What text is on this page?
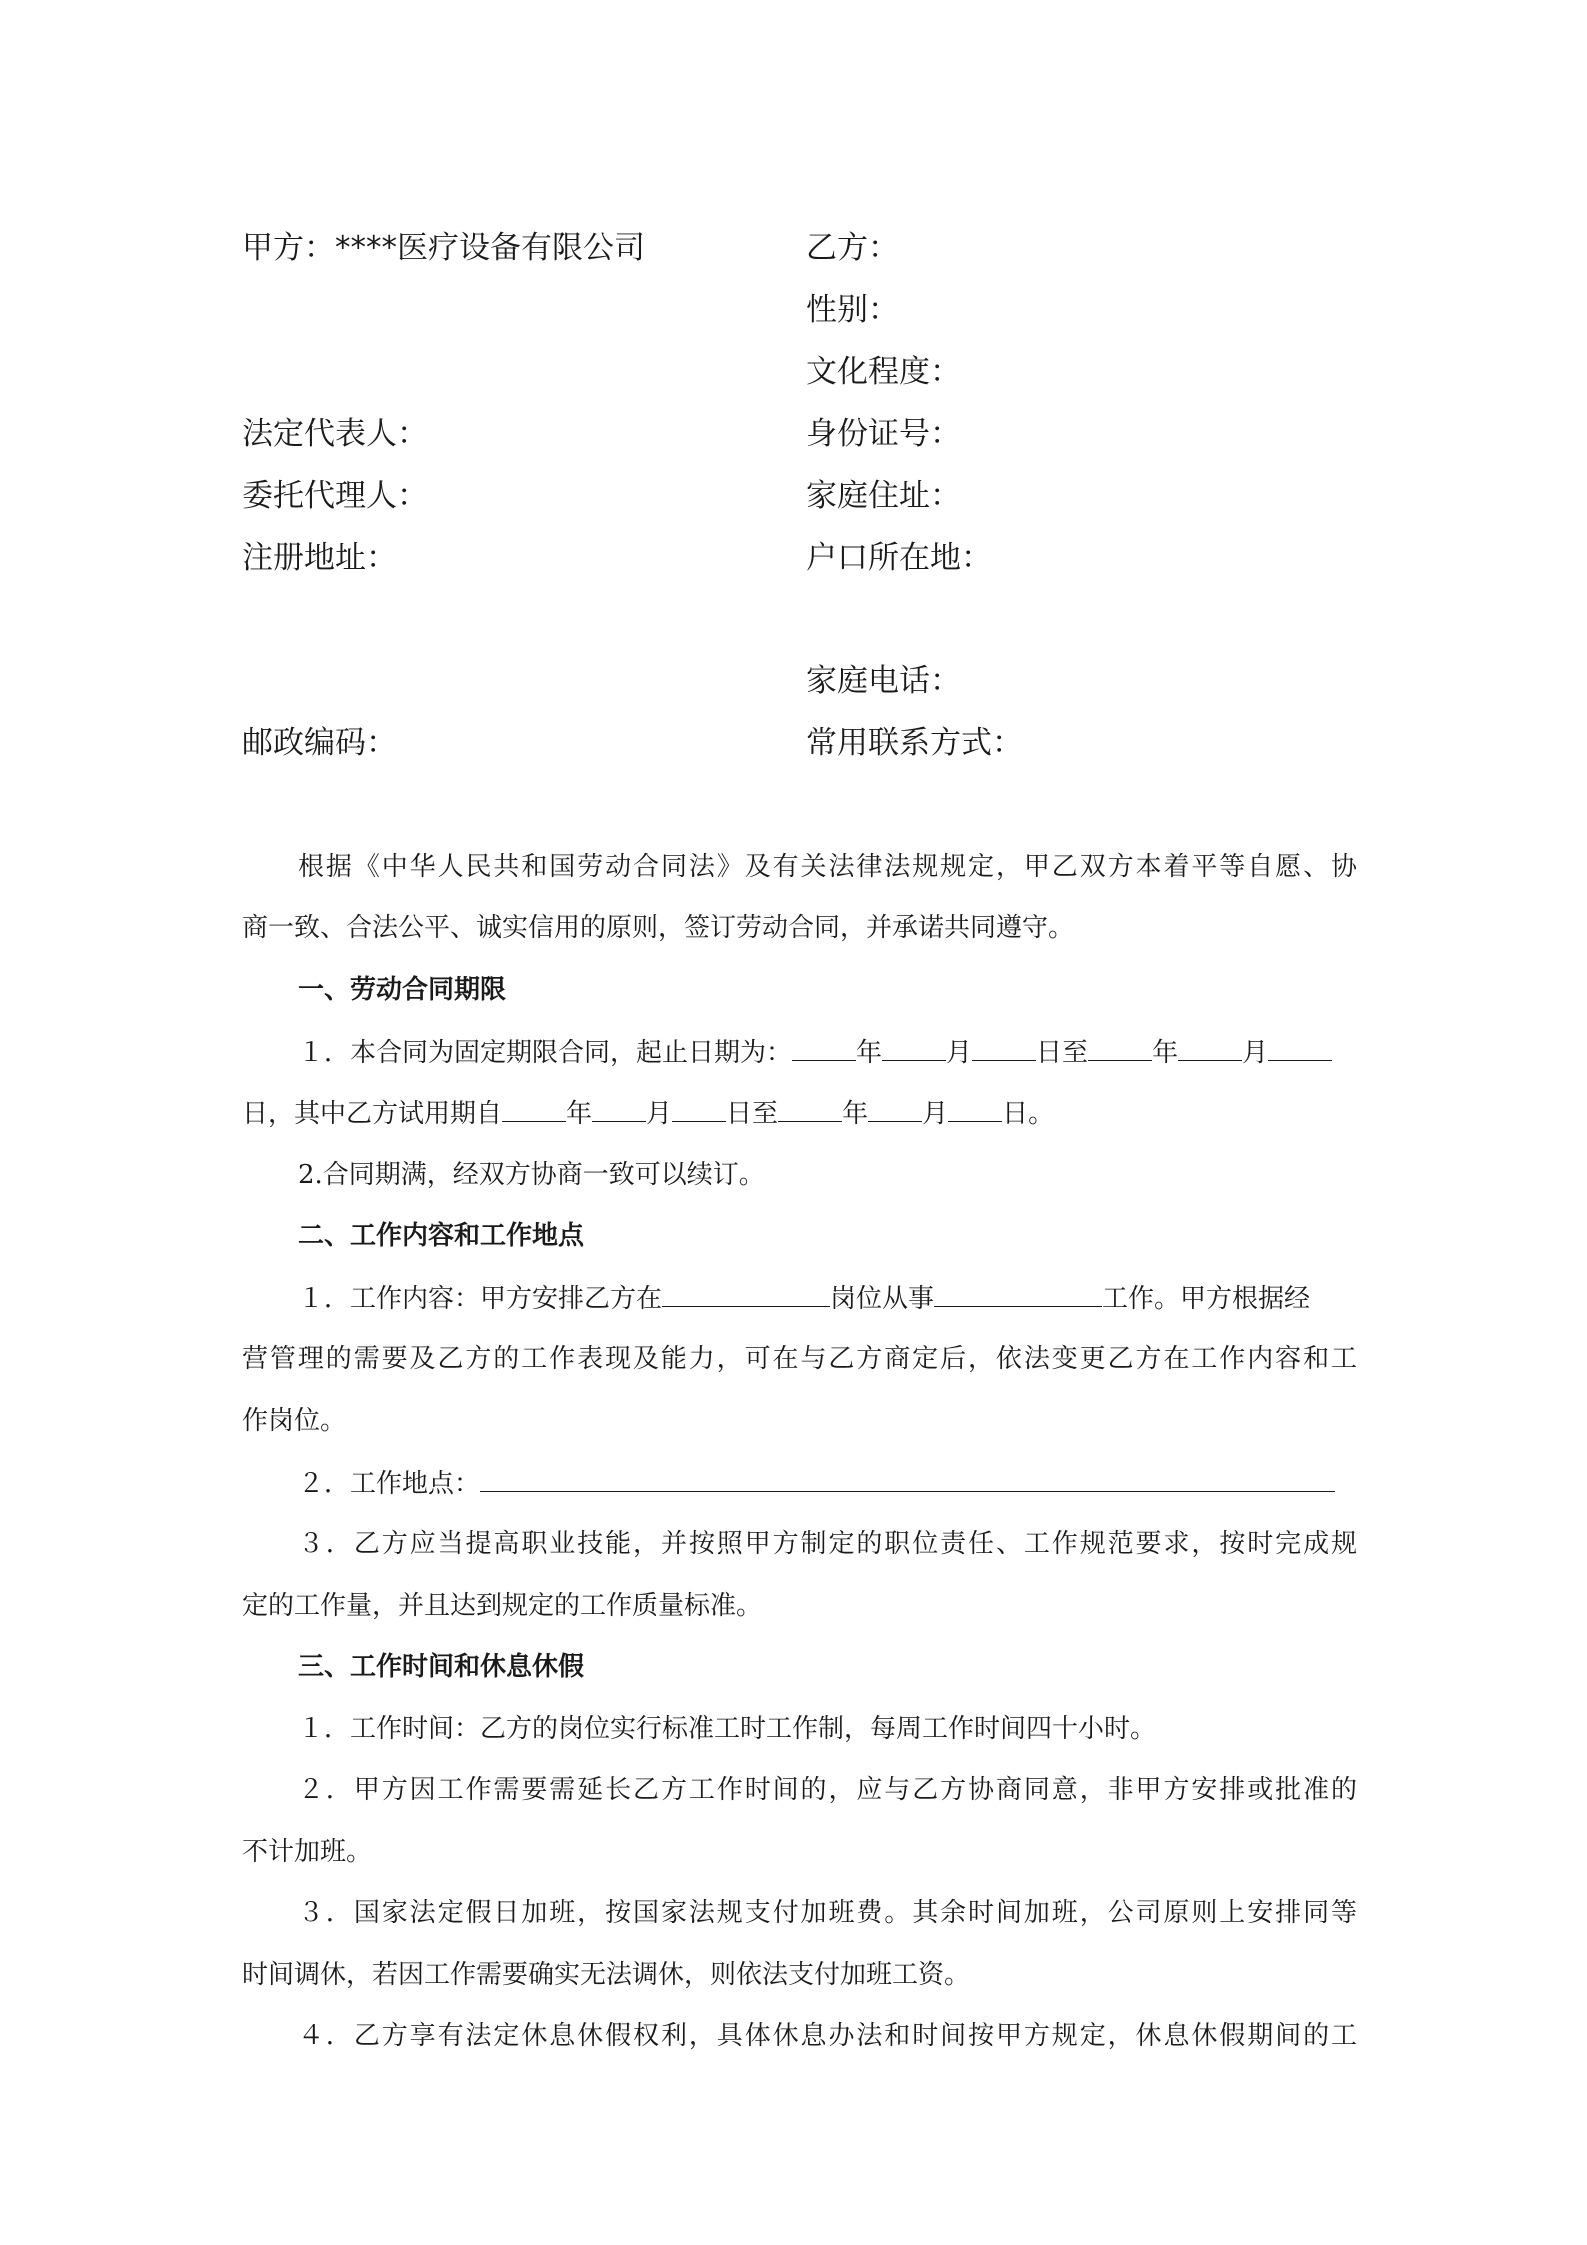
甲方：****医疗设备有限公司	乙方：
性别：
文化程度：
法定代表人：	身份证号：
委托代理人：	家庭住址：
注册地址：	户口所在地：
家庭电话：
邮政编码：	常用联系方式：
根据《中华人民共和国劳动合同法》及有关法律法规规定，甲乙双方本着平等自愿、协
商一致、合法公平、诚实信用的原则，签订劳动合同，并承诺共同遵守。
一、劳动合同期限
１．本合同为固定期限合同，起止日期为： 年 月 日至 年 月
日，其中乙方试用期自 年 月 日至 年 月 日。
2.合同期满，经双方协商一致可以续订。
二、工作内容和工作地点
１．工作内容：甲方安排乙方在	岗位从事	工作。甲方根据经
营管理的需要及乙方的工作表现及能力，可在与乙方商定后，依法变更乙方在工作内容和工
作岗位。
２．工作地点：
３．乙方应当提高职业技能，并按照甲方制定的职位责任、工作规范要求，按时完成规
定的工作量，并且达到规定的工作质量标准。
三、工作时间和休息休假
１．工作时间：乙方的岗位实行标准工时工作制，每周工作时间四十小时。
２．甲方因工作需要需延长乙方工作时间的，应与乙方协商同意，非甲方安排或批准的
不计加班。
３．国家法定假日加班，按国家法规支付加班费。其余时间加班，公司原则上安排同等
时间调休，若因工作需要确实无法调休，则依法支付加班工资。
４．乙方享有法定休息休假权利，具体休息办法和时间按甲方规定，休息休假期间的工
